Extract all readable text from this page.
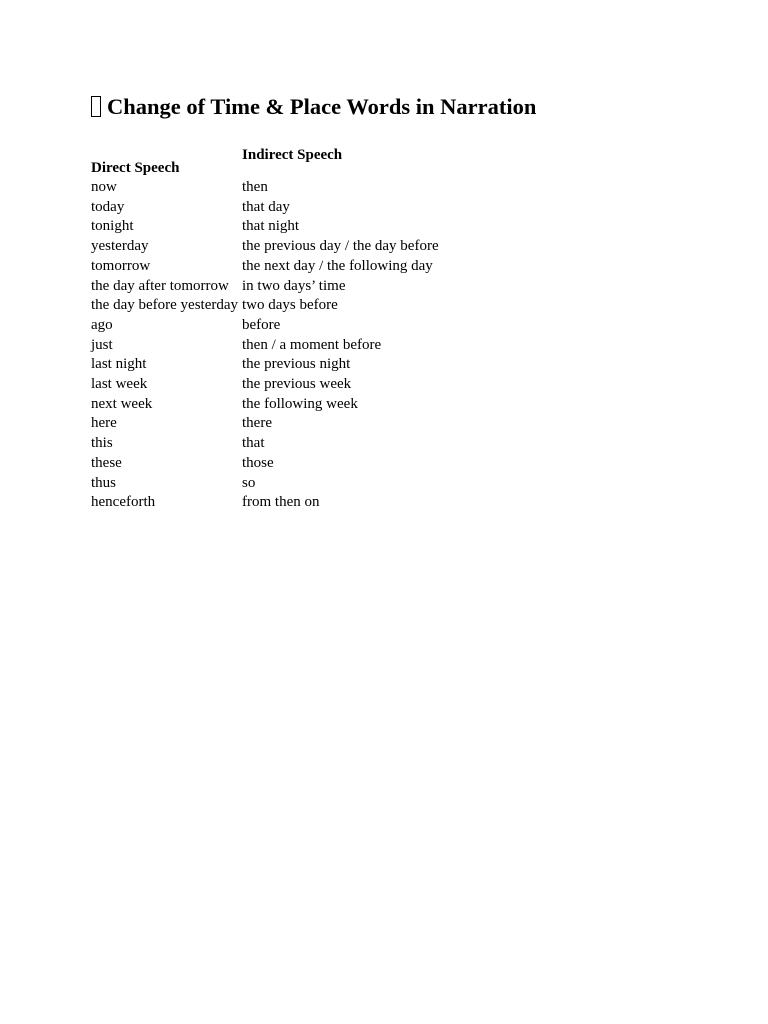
Change of Time & Place Words in Narration
Direct Speech	Indirect Speech
now	then
today	that day
tonight	that night
yesterday	the previous day / the day before
tomorrow	the next day / the following day
the day after tomorrow	in two days’ time
the day before yesterday	two days before
ago	before
just	then / a moment before
last night	the previous night
last week	the previous week
next week	the following week
here	there
this	that
these	those
thus	so
henceforth	from then on
